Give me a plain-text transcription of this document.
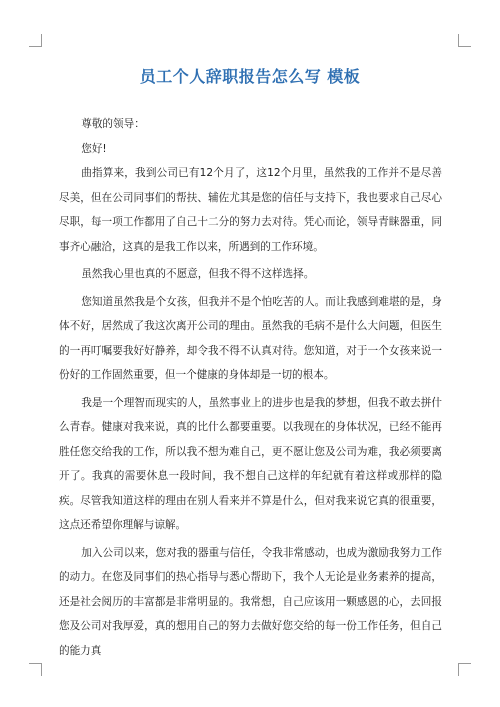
员工个人辞职报告怎么写 模板

尊敬的领导：

您好!

曲指算来，我到公司已有12个月了，这12个月里，虽然我的工作并不是尽善尽美，但在公司同事们的帮扶、辅佐尤其是您的信任与支持下，我也要求自己尽心尽职，每一项工作都用了自己十二分的努力去对待。凭心而论，领导青睐器重，同事齐心融洽，这真的是我工作以来，所遇到的工作环境。

虽然我心里也真的不愿意，但我不得不这样选择。

您知道虽然我是个女孩，但我并不是个怕吃苦的人。而让我感到难堪的是，身体不好，居然成了我这次离开公司的理由。虽然我的毛病不是什么大问题，但医生的一再叮嘱要我好好静养，却令我不得不认真对待。您知道，对于一个女孩来说一份好的工作固然重要，但一个健康的身体却是一切的根本。

我是一个理智而现实的人，虽然事业上的进步也是我的梦想，但我不敢去拼什么青春。健康对我来说，真的比什么都要重要。以我现在的身体状况，已经不能再胜任您交给我的工作，所以我不想为难自己，更不愿让您及公司为难，我必须要离开了。我真的需要休息一段时间，我不想自己这样的年纪就有着这样或那样的隐疾。尽管我知道这样的理由在别人看来并不算是什么，但对我来说它真的很重要，这点还希望你理解与谅解。

加入公司以来，您对我的器重与信任，令我非常感动，也成为激励我努力工作的动力。在您及同事们的热心指导与悉心帮助下，我个人无论是业务素养的提高，还是社会阅历的丰富都是非常明显的。我常想，自己应该用一颗感恩的心，去回报您及公司对我厚爱，真的想用自己的努力去做好您交给的每一份工作任务，但自己的能力真
